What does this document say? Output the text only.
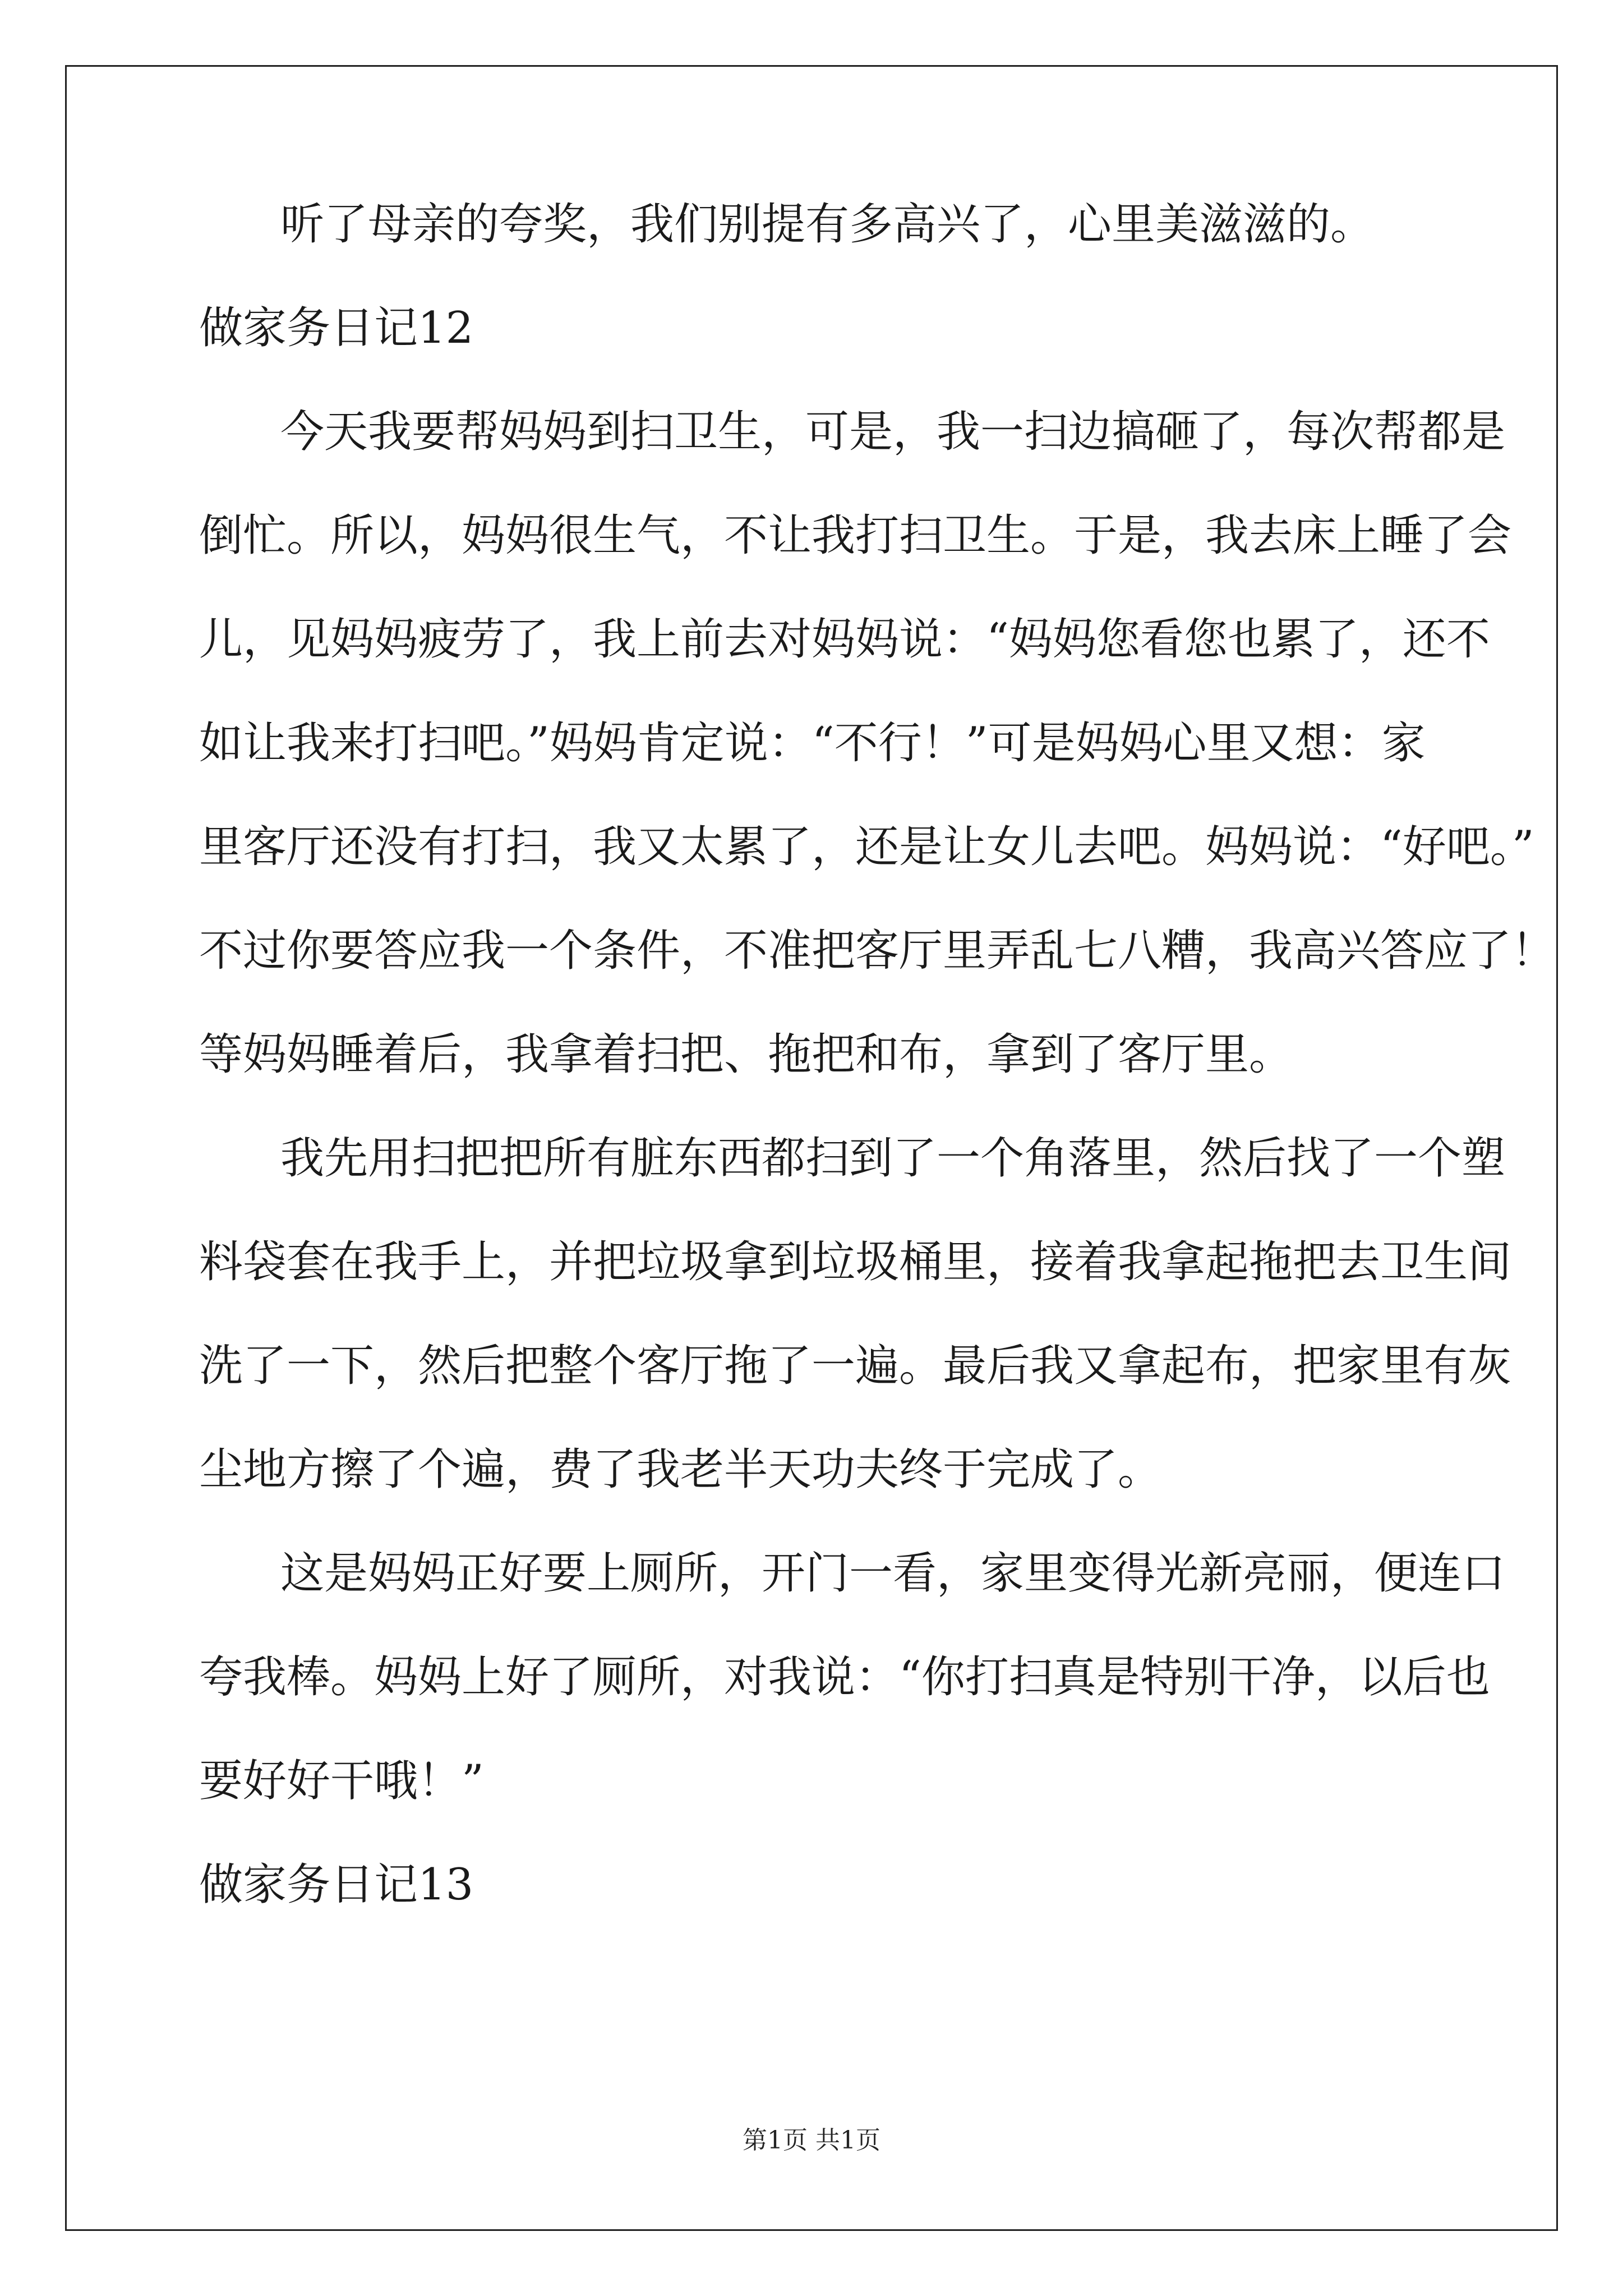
听了母亲的夸奖，我们别提有多高兴了，心里美滋滋的。
做家务日记12
今天我要帮妈妈到扫卫生，可是，我一扫边搞砸了，每次帮都是
倒忙。所以，妈妈很生气，不让我打扫卫生。于是，我去床上睡了会
儿，见妈妈疲劳了，我上前去对妈妈说：“妈妈您看您也累了，还不
如让我来打扫吧。”妈妈肯定说：“不行！”可是妈妈心里又想：家
里客厅还没有打扫，我又太累了，还是让女儿去吧。妈妈说：“好吧。”
不过你要答应我一个条件，不准把客厅里弄乱七八糟，我高兴答应了！
等妈妈睡着后，我拿着扫把、拖把和布，拿到了客厅里。
我先用扫把把所有脏东西都扫到了一个角落里，然后找了一个塑
料袋套在我手上，并把垃圾拿到垃圾桶里，接着我拿起拖把去卫生间
洗了一下，然后把整个客厅拖了一遍。最后我又拿起布，把家里有灰
尘地方擦了个遍，费了我老半天功夫终于完成了。
这是妈妈正好要上厕所，开门一看，家里变得光新亮丽，便连口
夸我棒。妈妈上好了厕所，对我说：“你打扫真是特别干净，以后也
要好好干哦！”
做家务日记13
第1页 共1页
